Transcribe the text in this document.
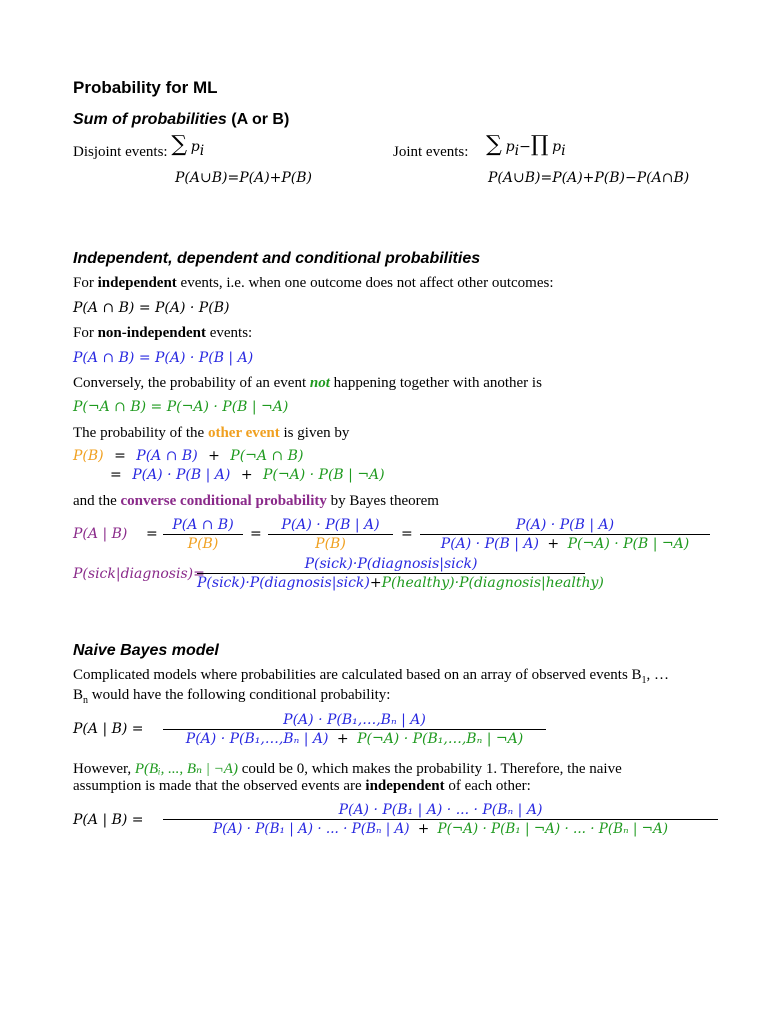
Probability for ML
Sum of probabilities (A or B)
Disjoint events: ∑ $p_i$	Joint events: ∑ $p_i-\prod$ $p_i$
P(A∪B)=P(A)+P(B)	P(A∪B)=P(A)+P(B)−P(A∩B)
Independent, dependent and conditional probabilities
For independent events, i.e. when one outcome does not affect other outcomes:
P(A ∩ B) = P(A) · P(B)
For non-independent events:
P(A ∩ B) = P(A) · P(B | A)
Conversely, the probability of an event not happening together with another is
P(¬A ∩ B) = P(¬A) · P(B | ¬A)
The probability of the other event is given by
P(B) = P(A ∩ B) + P(¬A ∩ B)
= P(A) · P(B | A) + P(¬A) · P(B | ¬A)
and the converse conditional probability by Bayes theorem
P(A | B) =
P(A ∩ B)
P(B)
=
P(A) · P(B | A)
P(B)
=
P(A) · P(B | A)
P(A) · P(B | A) + P(¬A) · P(B | ¬A)
P(sick|diagnosis)=
P(sick)·P(diagnosis|sick)
P(sick)·P(diagnosis|sick)+P(healthy)·P(diagnosis|healthy)
Naive Bayes model
Complicated models where probabilities are calculated based on an array of observed events $B_1$, …
$B_n$ would have the following conditional probability:
P(A | B) =
P(A) · P(B₁,…,Bₙ | A)
P(A) · P(B₁,…,Bₙ | A) + P(¬A) · P(B₁,…,Bₙ | ¬A)
However, P(Bᵢ, ..., Bₙ | ¬A) could be 0, which makes the probability 1. Therefore, the naive
assumption is made that the observed events are independent of each other:
P(A | B) =
P(A) · P(B₁ | A) · ... · P(Bₙ | A)
P(A) · P(B₁ | A) · ... · P(Bₙ | A) + P(¬A) · P(B₁ | ¬A) · ... · P(Bₙ | ¬A)
